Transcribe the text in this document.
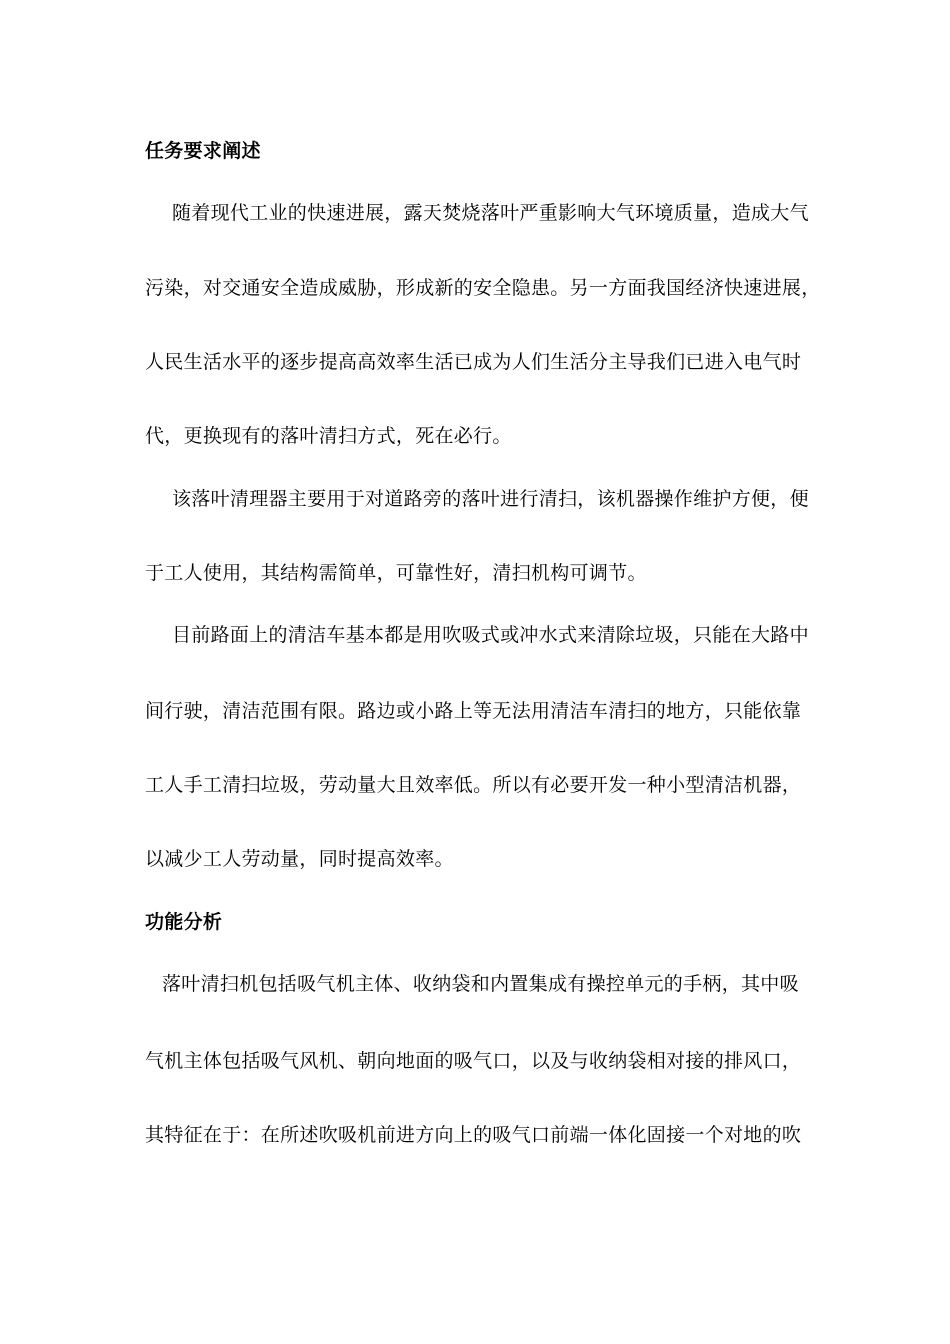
任务要求阐述
随着现代工业的快速进展，露天焚烧落叶严重影响大气环境质量，造成大气
污染，对交通安全造成威胁，形成新的安全隐患。另一方面我国经济快速进展，
人民生活水平的逐步提高高效率生活已成为人们生活分主导我们已进入电气时
代，更换现有的落叶清扫方式，死在必行。
该落叶清理器主要用于对道路旁的落叶进行清扫，该机器操作维护方便，便
于工人使用，其结构需简单，可靠性好，清扫机构可调节。
目前路面上的清洁车基本都是用吹吸式或冲水式来清除垃圾，只能在大路中
间行驶，清洁范围有限。路边或小路上等无法用清洁车清扫的地方，只能依靠
工人手工清扫垃圾，劳动量大且效率低。所以有必要开发一种小型清洁机器，
以减少工人劳动量，同时提高效率。
功能分析
落叶清扫机包括吸气机主体、收纳袋和内置集成有操控单元的手柄，其中吸
气机主体包括吸气风机、朝向地面的吸气口，以及与收纳袋相对接的排风口，
其特征在于：在所述吹吸机前进方向上的吸气口前端一体化固接一个对地的吹
